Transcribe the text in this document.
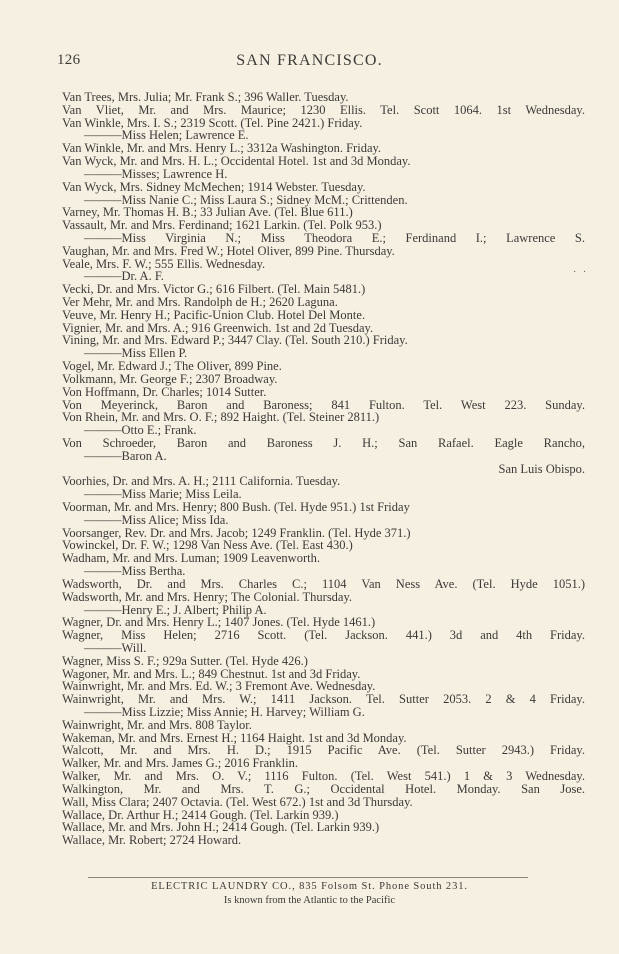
126	SAN FRANCISCO.
Van Trees, Mrs. Julia; Mr. Frank S.; 396 Waller. Tuesday.
Van Vliet, Mr. and Mrs. Maurice; 1230 Ellis. Tel. Scott 1064. 1st Wednesday.
Van Winkle, Mrs. I. S.; 2319 Scott. (Tel. Pine 2421.) Friday.
———Miss Helen; Lawrence E.
Van Winkle, Mr. and Mrs. Henry L.; 3312a Washington. Friday.
Van Wyck, Mr. and Mrs. H. L.; Occidental Hotel. 1st and 3d Monday.
———Misses; Lawrence H.
Van Wyck, Mrs. Sidney McMechen; 1914 Webster. Tuesday.
———Miss Nanie C.; Miss Laura S.; Sidney McM.; Crittenden.
Varney, Mr. Thomas H. B.; 33 Julian Ave. (Tel. Blue 611.)
Vassault, Mr. and Mrs. Ferdinand; 1621 Larkin. (Tel. Polk 953.)
———Miss Virginia N.; Miss Theodora E.; Ferdinand I.; Lawrence S.
Vaughan, Mr. and Mrs. Fred W.; Hotel Oliver, 899 Pine. Thursday.
Veale, Mrs. F. W.; 555 Ellis. Wednesday.
———Dr. A. F.
Vecki, Dr. and Mrs. Victor G.; 616 Filbert. (Tel. Main 5481.)
Ver Mehr, Mr. and Mrs. Randolph de H.; 2620 Laguna.
Veuve, Mr. Henry H.; Pacific-Union Club. Hotel Del Monte.
Vignier, Mr. and Mrs. A.; 916 Greenwich. 1st and 2d Tuesday.
Vining, Mr. and Mrs. Edward P.; 3447 Clay. (Tel. South 210.) Friday.
———Miss Ellen P.
Vogel, Mr. Edward J.; The Oliver, 899 Pine.
Volkmann, Mr. George F.; 2307 Broadway.
Von Hoffmann, Dr. Charles; 1014 Sutter.
Von Meyerinck, Baron and Baroness; 841 Fulton. Tel. West 223. Sunday.
Von Rhein, Mr. and Mrs. O. F.; 892 Haight. (Tel. Steiner 2811.)
———Otto E.; Frank.
Von Schroeder, Baron and Baroness J. H.; San Rafael. Eagle Rancho,
———Baron A.
San Luis Obispo.
Voorhies, Dr. and Mrs. A. H.; 2111 California. Tuesday.
———Miss Marie; Miss Leila.
Voorman, Mr. and Mrs. Henry; 800 Bush. (Tel. Hyde 951.) 1st Friday
———Miss Alice; Miss Ida.
Voorsanger, Rev. Dr. and Mrs. Jacob; 1249 Franklin. (Tel. Hyde 371.)
Vowinckel, Dr. F. W.; 1298 Van Ness Ave. (Tel. East 430.)
Wadham, Mr. and Mrs. Luman; 1909 Leavenworth.
———Miss Bertha.
Wadsworth, Dr. and Mrs. Charles C.; 1104 Van Ness Ave. (Tel. Hyde 1051.)
Wadsworth, Mr. and Mrs. Henry; The Colonial. Thursday.
———Henry E.; J. Albert; Philip A.
Wagner, Dr. and Mrs. Henry L.; 1407 Jones. (Tel. Hyde 1461.)
Wagner, Miss Helen; 2716 Scott. (Tel. Jackson. 441.) 3d and 4th Friday.
———Will.
Wagner, Miss S. F.; 929a Sutter. (Tel. Hyde 426.)
Wagoner, Mr. and Mrs. L.; 849 Chestnut. 1st and 3d Friday.
Wainwright, Mr. and Mrs. Ed. W.; 3 Fremont Ave. Wednesday.
Wainwright, Mr. and Mrs. W.; 1411 Jackson. Tel. Sutter 2053. 2 & 4 Friday.
———Miss Lizzie; Miss Annie; H. Harvey; William G.
Wainwright, Mr. and Mrs. 808 Taylor.
Wakeman, Mr. and Mrs. Ernest H.; 1164 Haight. 1st and 3d Monday.
Walcott, Mr. and Mrs. H. D.; 1915 Pacific Ave. (Tel. Sutter 2943.) Friday.
Walker, Mr. and Mrs. James G.; 2016 Franklin.
Walker, Mr. and Mrs. O. V.; 1116 Fulton. (Tel. West 541.) 1 & 3 Wednesday.
Walkington, Mr. and Mrs. T. G.; Occidental Hotel. Monday. San Jose.
Wall, Miss Clara; 2407 Octavia. (Tel. West 672.) 1st and 3d Thursday.
Wallace, Dr. Arthur H.; 2414 Gough. (Tel. Larkin 939.)
Wallace, Mr. and Mrs. John H.; 2414 Gough. (Tel. Larkin 939.)
Wallace, Mr. Robert; 2724 Howard.
· ·
ELECTRIC LAUNDRY CO., 835 Folsom St. Phone South 231.
Is known from the Atlantic to the Pacific
